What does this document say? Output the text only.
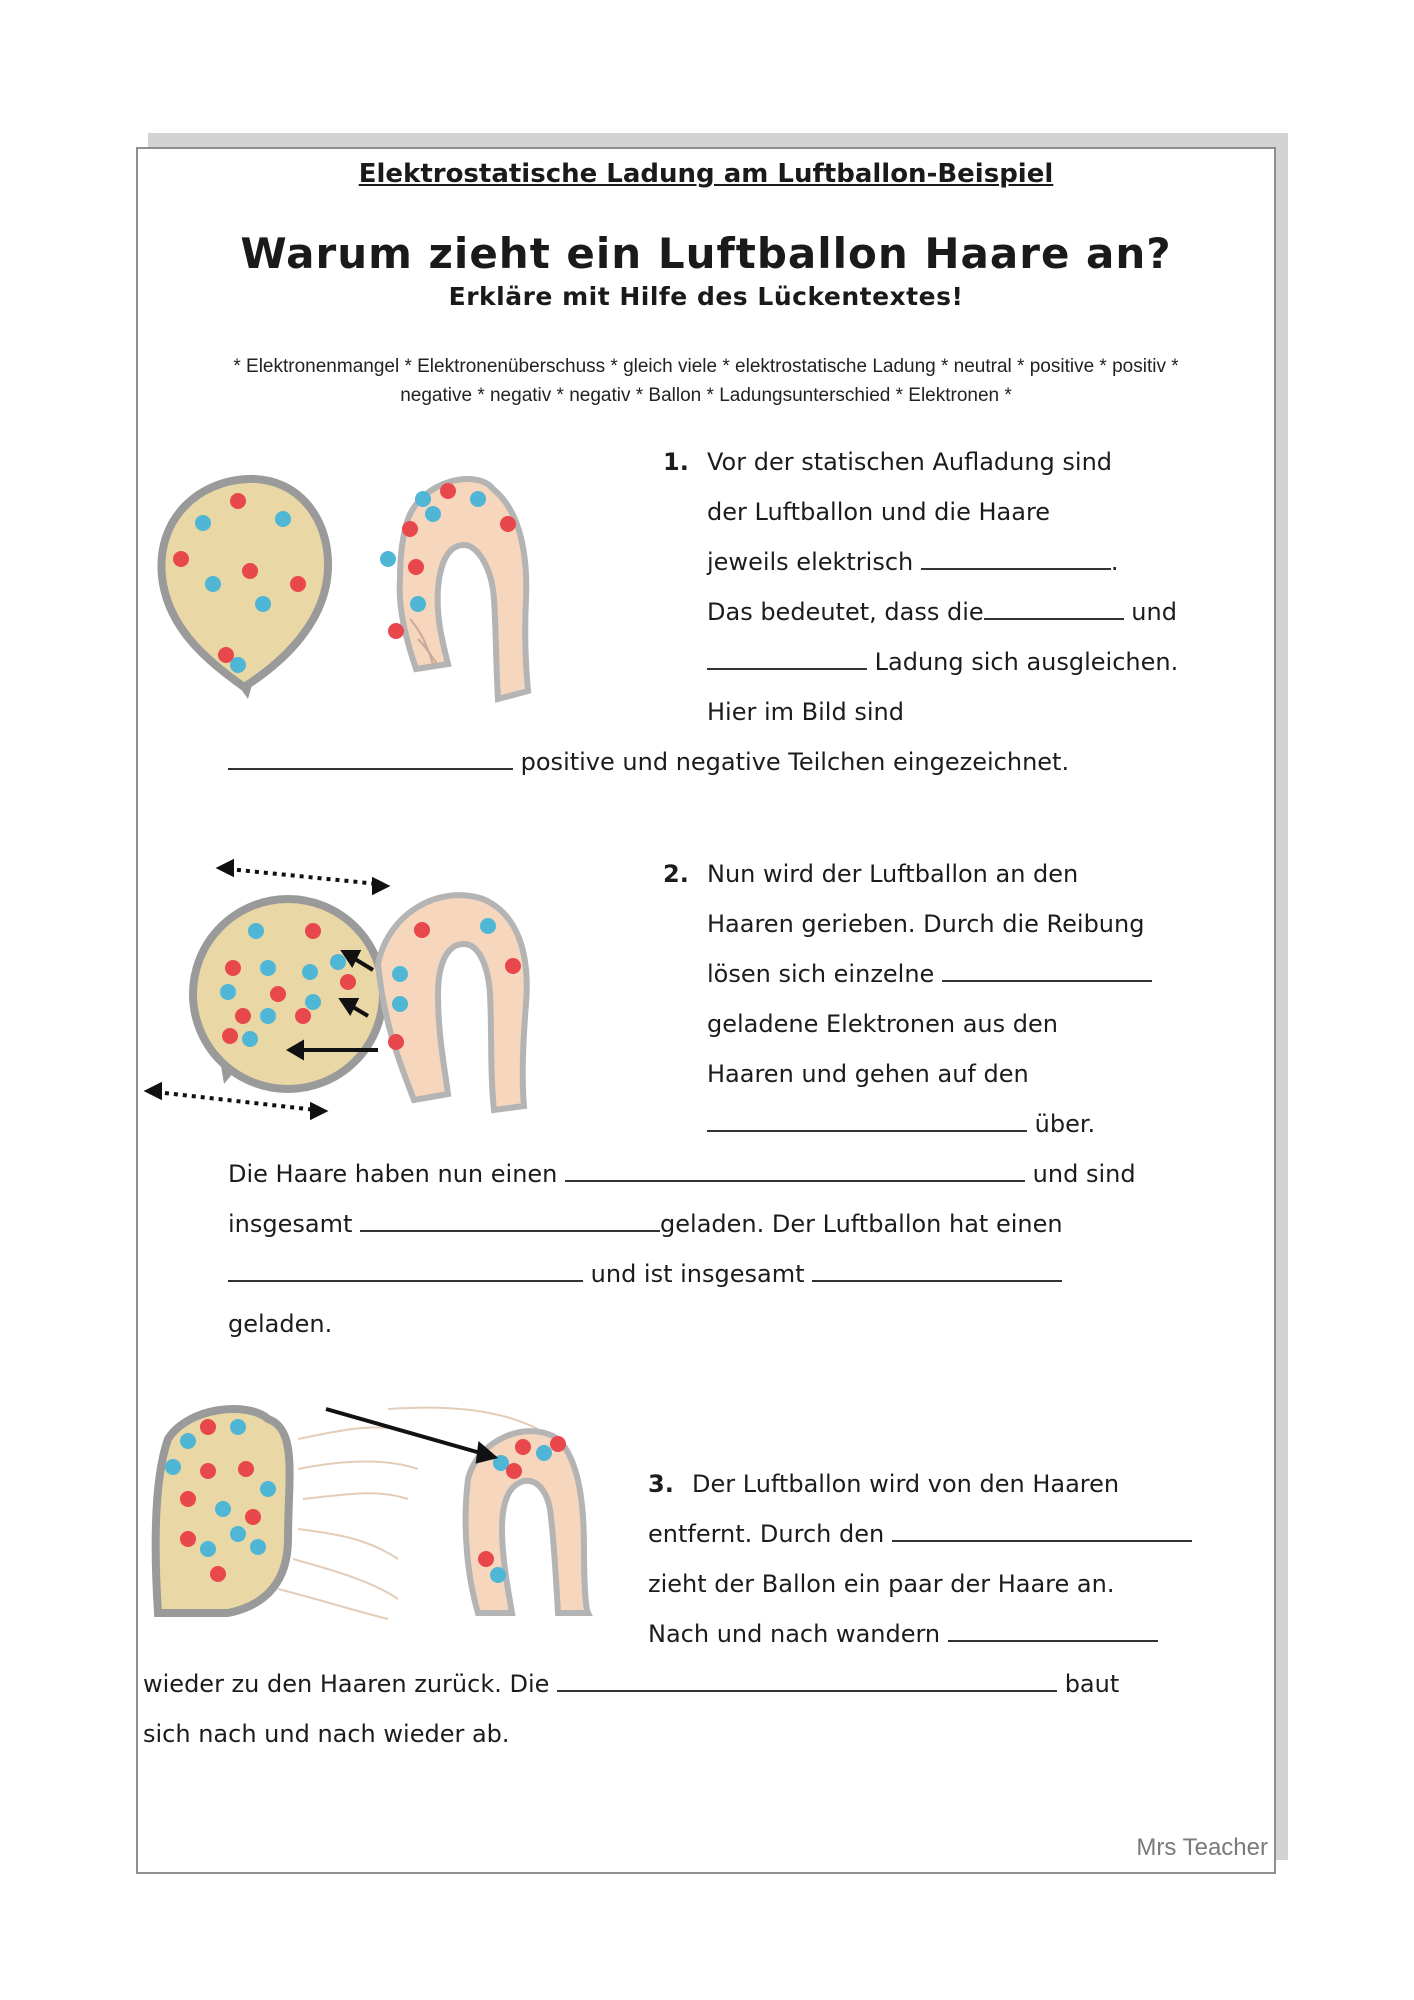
Elektrostatische Ladung am Luftballon-Beispiel
Warum zieht ein Luftballon Haare an?
Erkläre mit Hilfe des Lückentextes!
* Elektronenmangel * Elektronenüberschuss * gleich viele * elektrostatische Ladung * neutral * positive * positiv *
negative * negativ * negativ * Ballon * Ladungsunterschied * Elektronen *
1. Vor der statischen Aufladung sind
der Luftballon und die Haare
jeweils elektrisch	.
Das bedeutet, dass die	und
Ladung sich ausgleichen.
Hier im Bild sind
positive und negative Teilchen eingezeichnet.
2. Nun wird der Luftballon an den
Haaren gerieben. Durch die Reibung
lösen sich einzelne
geladene Elektronen aus den
Haaren und gehen auf den
über.
Die Haare haben nun einen	und sind
insgesamt	geladen. Der Luftballon hat einen
und ist insgesamt
geladen.
3. Der Luftballon wird von den Haaren
entfernt. Durch den
zieht der Ballon ein paar der Haare an.
Nach und nach wandern
wieder zu den Haaren zurück. Die	baut
sich nach und nach wieder ab.
Mrs Teacher
